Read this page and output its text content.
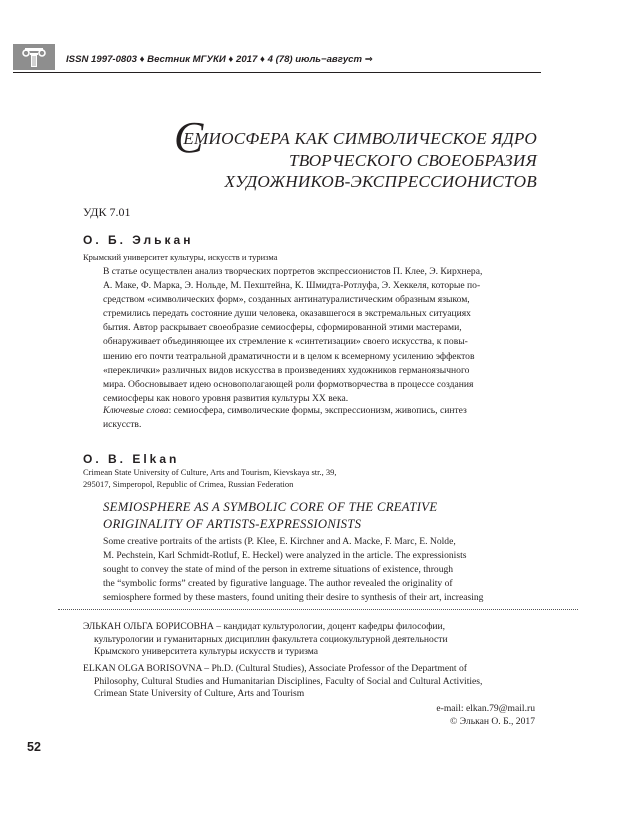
ISSN 1997-0803 ♦ Вестник МГУКИ ♦ 2017 ♦ 4 (78) июль−август ⇒
С
ЕМИОСФЕРА КАК СИМВОЛИЧЕСКОЕ ЯДРО
ТВОРЧЕСКОГО СВОЕОБРАЗИЯ
ХУДОЖНИКОВ-ЭКСПРЕССИОНИСТОВ
УДК 7.01
О. Б. Элькан
Крымский университет культуры, искусств и туризма
В статье осуществлен анализ творческих портретов экспрессионистов П. Клее, Э. Кирхнера,
А. Маке, Ф. Марка, Э. Нольде, М. Пехштейна, К. Шмидта-Ротлуфа, Э. Хеккеля, которые по-
средством «символических форм», созданных антинатуралистическим образным языком,
стремились передать состояние души человека, оказавшегося в экстремальных ситуациях
бытия. Автор раскрывает своеобразие семиосферы, сформированной этими мастерами,
обнаруживает объединяющее их стремление к «синтетизации» своего искусства, к повы-
шению его почти театральной драматичности и в целом к всемерному усилению эффектов
«переклички» различных видов искусства в произведениях художников германоязычного
мира. Обосновывает идею основополагающей роли формотворчества в процессе создания
семиосферы как нового уровня развития культуры XX века.
Ключевые слова: семиосфера, символические формы, экспрессионизм, живопись, синтез
искусств.
O. B. Elkan
Crimean State University of Culture, Arts and Tourism, Kievskaya str., 39,
295017, Simperopol, Republic of Crimea, Russian Federation
SEMIOSPHERE AS A SYMBOLIC CORE OF THE CREATIVE
ORIGINALITY OF ARTISTS-EXPRESSIONISTS
Some creative portraits of the artists (P. Klee, E. Kirchner and A. Macke, F. Marc, E. Nolde,
M. Pechstein, Karl Schmidt-Rotluf, E. Heckel) were analyzed in the article. The expressionists
sought to convey the state of mind of the person in extreme situations of existence, through
the “symbolic forms” created by figurative language. The author revealed the originality of
semiosphere formed by these masters, found uniting their desire to synthesis of their art, increasing
ЭЛЬКАН ОЛЬГА БОРИСОВНА – кандидат культурологии, доцент кафедры философии,
культурологии и гуманитарных дисциплин факультета социокультурной деятельности
Крымского университета культуры искусств и туризма
ELKAN OLGA BORISOVNA – Ph.D. (Cultural Studies), Associate Professor of the Department of
Philosophy, Cultural Studies and Humanitarian Disciplines, Faculty of Social and Cultural Activities,
Crimean State University of Culture, Arts and Tourism
e-mail: elkan.79@mail.ru
© Элькан О. Б., 2017
52
